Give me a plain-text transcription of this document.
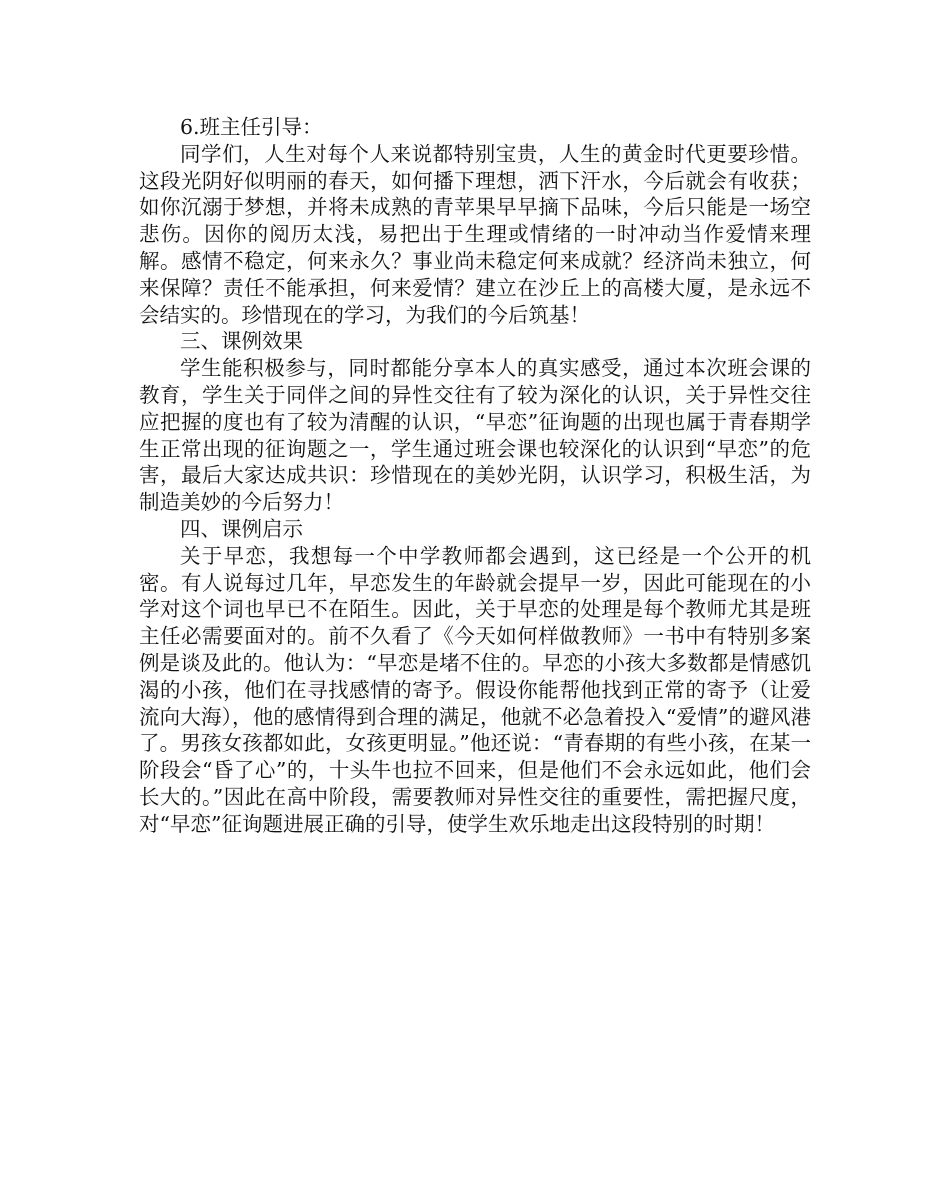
6.班主任引导：

同学们，人生对每个人来说都特别宝贵，人生的黄金时代更要珍惜。这段光阴好似明丽的春天，如何播下理想，洒下汗水，今后就会有收获；如你沉溺于梦想，并将未成熟的青苹果早早摘下品味，今后只能是一场空悲伤。因你的阅历太浅，易把出于生理或情绪的一时冲动当作爱情来理解。感情不稳定，何来永久？事业尚未稳定何来成就？经济尚未独立，何来保障？责任不能承担，何来爱情？建立在沙丘上的高楼大厦，是永远不会结实的。珍惜现在的学习，为我们的今后筑基！

三、课例效果

学生能积极参与，同时都能分享本人的真实感受，通过本次班会课的教育，学生关于同伴之间的异性交往有了较为深化的认识，关于异性交往应把握的度也有了较为清醒的认识，“早恋”征询题的出现也属于青春期学生正常出现的征询题之一，学生通过班会课也较深化的认识到“早恋”的危害，最后大家达成共识：珍惜现在的美妙光阴，认识学习，积极生活，为制造美妙的今后努力！

四、课例启示

关于早恋，我想每一个中学教师都会遇到，这已经是一个公开的机密。有人说每过几年，早恋发生的年龄就会提早一岁，因此可能现在的小学对这个词也早已不在陌生。因此，关于早恋的处理是每个教师尤其是班主任必需要面对的。前不久看了《今天如何样做教师》一书中有特别多案例是谈及此的。他认为：“早恋是堵不住的。早恋的小孩大多数都是情感饥渴的小孩，他们在寻找感情的寄予。假设你能帮他找到正常的寄予（让爱流向大海），他的感情得到合理的满足，他就不必急着投入“爱情”的避风港了。男孩女孩都如此，女孩更明显。”他还说：“青春期的有些小孩，在某一阶段会“昏了心”的，十头牛也拉不回来，但是他们不会永远如此，他们会长大的。”因此在高中阶段，需要教师对异性交往的重要性，需把握尺度，对“早恋”征询题进展正确的引导，使学生欢乐地走出这段特别的时期！
